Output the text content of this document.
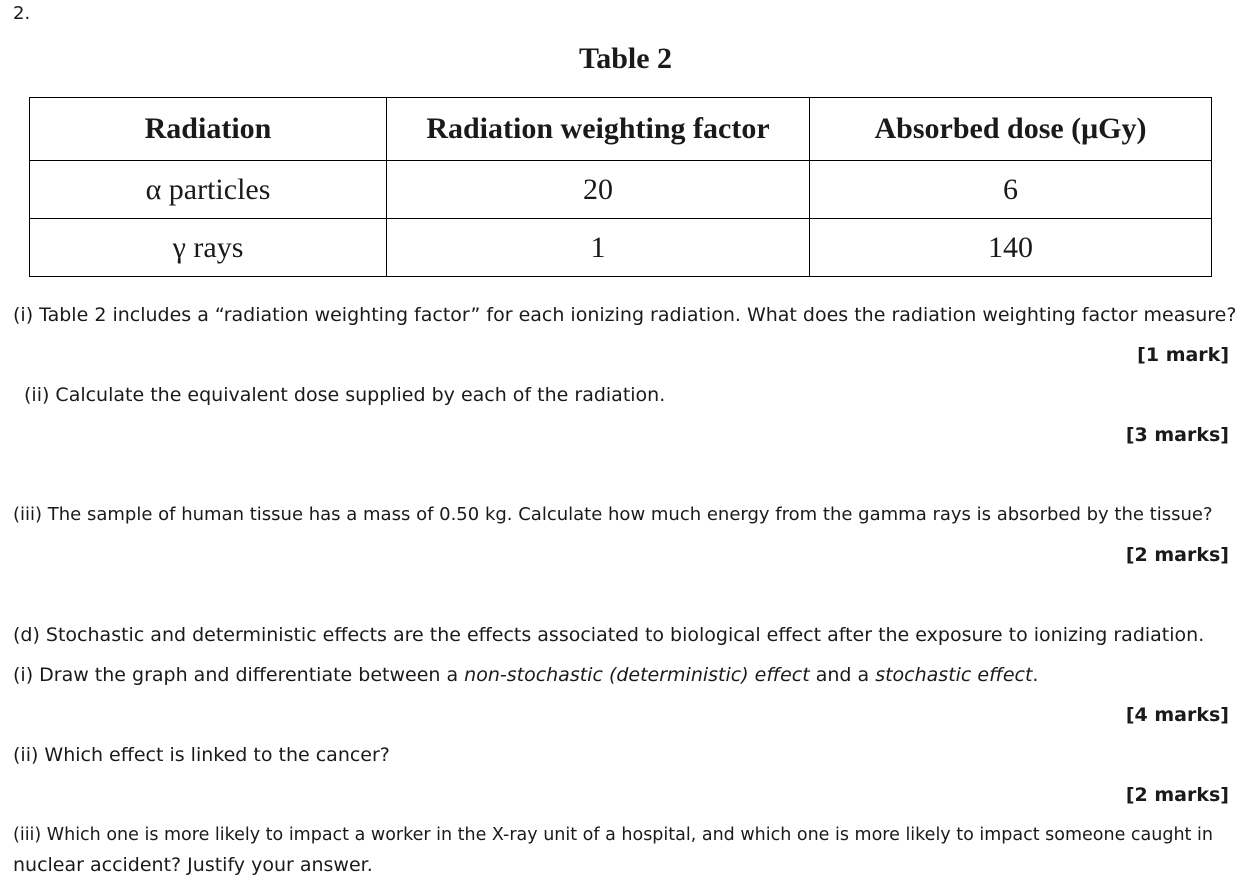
2.
Table 2
Radiation	Radiation weighting factor	Absorbed dose (μGy)
α particles	20	6
γ rays	1	140
(i) Table 2 includes a “radiation weighting factor” for each ionizing radiation. What does the radiation weighting factor measure?
[1 mark]
(ii) Calculate the equivalent dose supplied by each of the radiation.
[3 marks]
(iii) The sample of human tissue has a mass of 0.50 kg. Calculate how much energy from the gamma rays is absorbed by the tissue?
[2 marks]
(d) Stochastic and deterministic effects are the effects associated to biological effect after the exposure to ionizing radiation.
(i) Draw the graph and differentiate between a non-stochastic (deterministic) effect and a stochastic effect.
[4 marks]
(ii) Which effect is linked to the cancer?
[2 marks]
(iii) Which one is more likely to impact a worker in the X-ray unit of a hospital, and which one is more likely to impact someone caught in
nuclear accident? Justify your answer.
